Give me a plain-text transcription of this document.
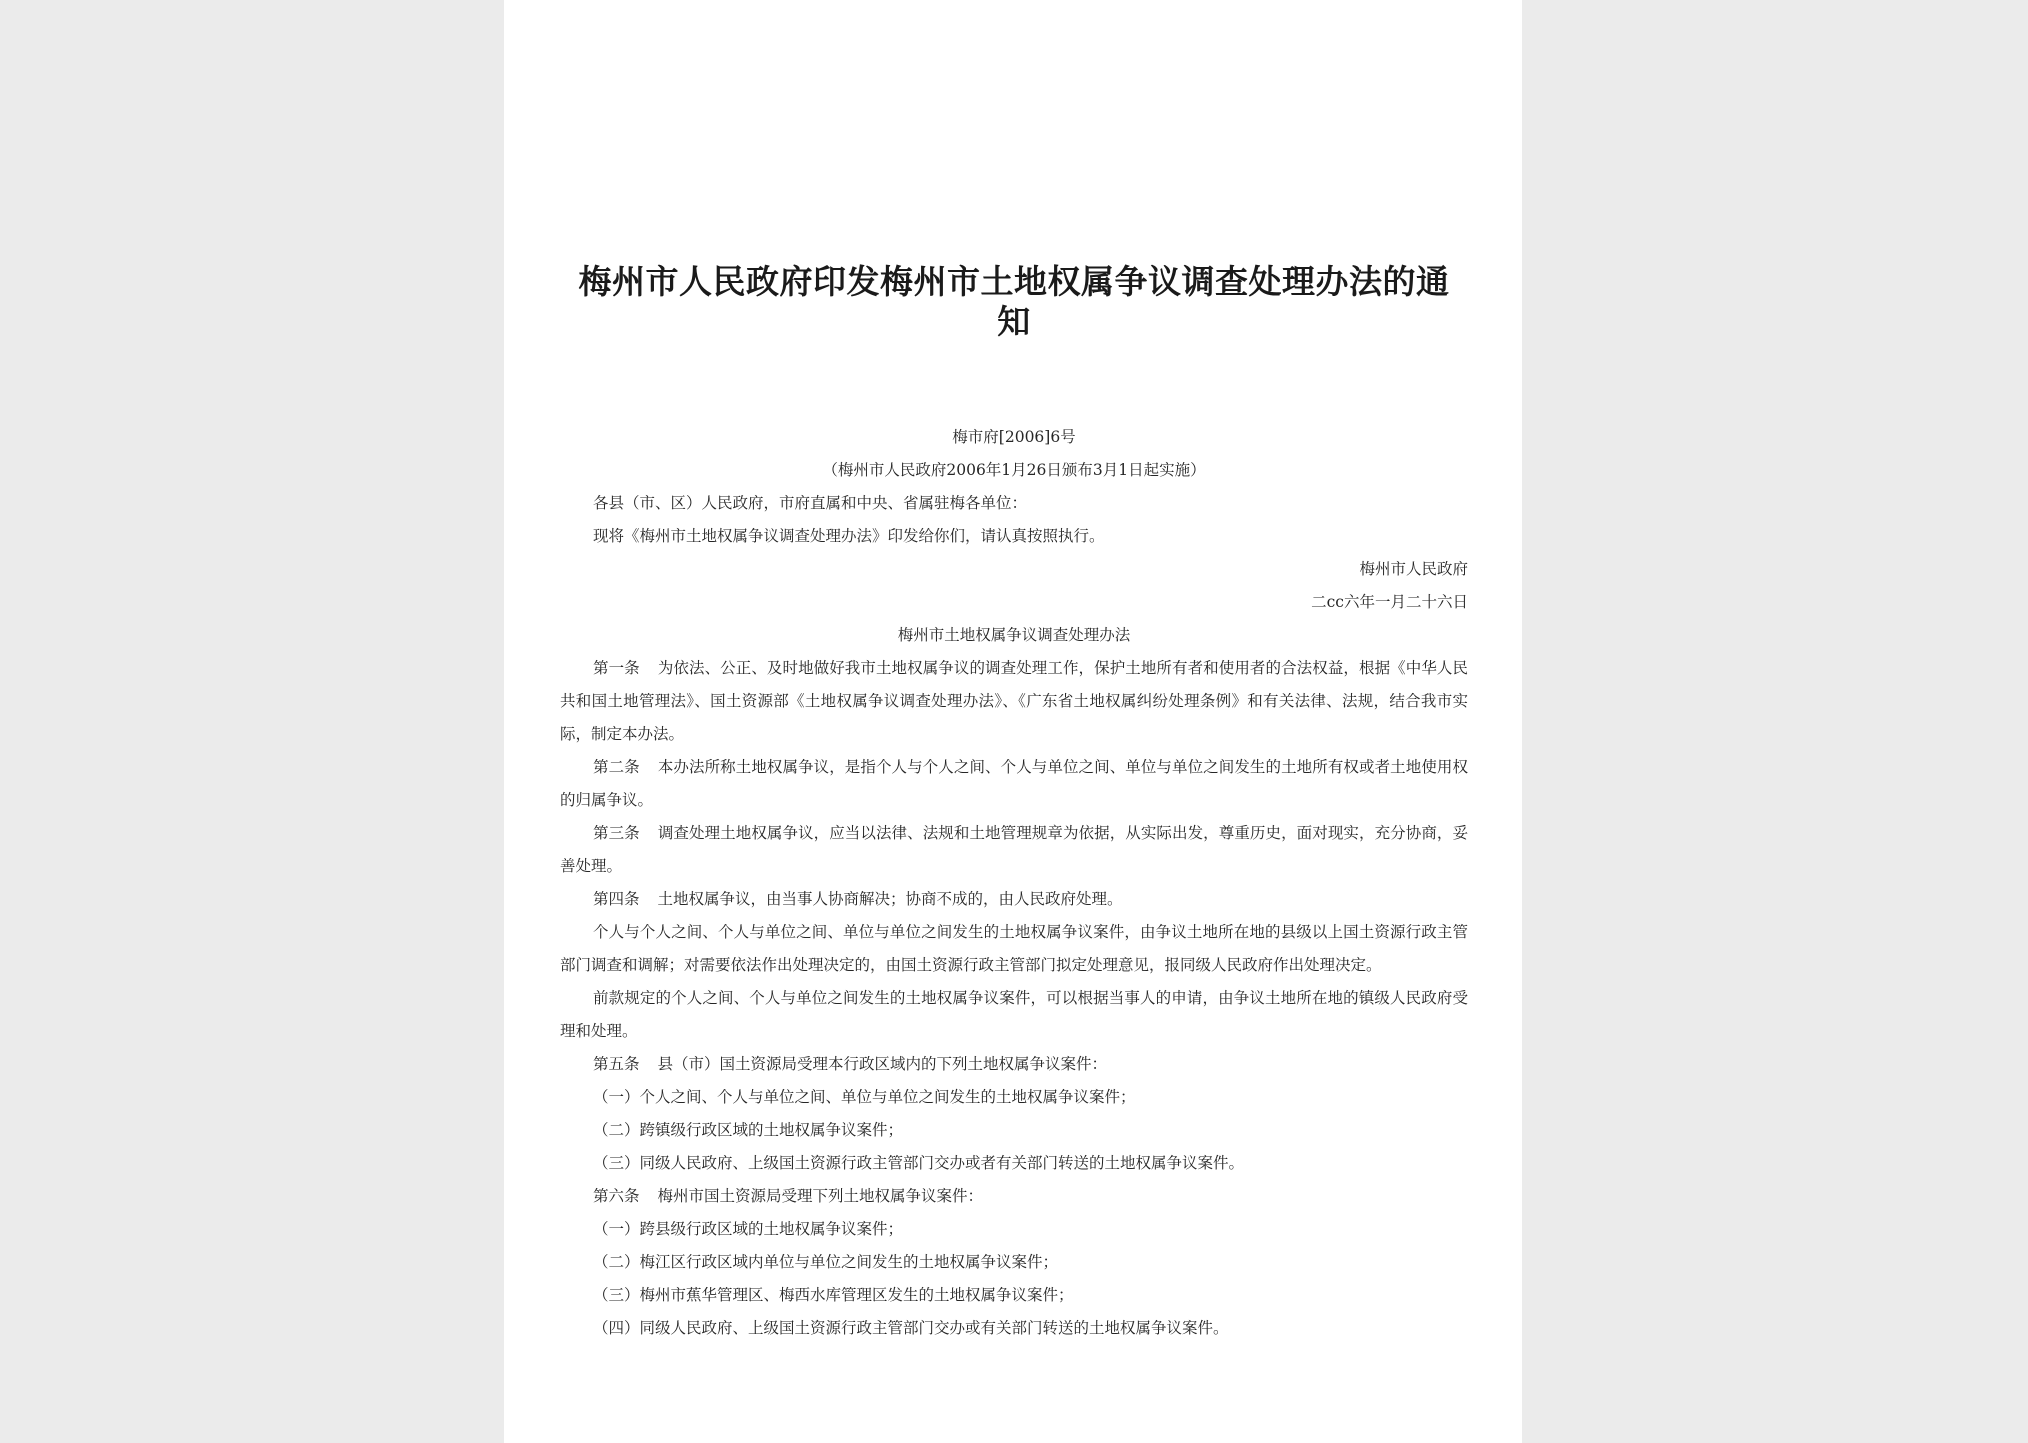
梅州市人民政府印发梅州市土地权属争议调查处理办法的通知

梅市府[2006]6号

（梅州市人民政府2006年1月26日颁布3月1日起实施）

各县（市、区）人民政府，市府直属和中央、省属驻梅各单位：

现将《梅州市土地权属争议调查处理办法》印发给你们，请认真按照执行。

梅州市人民政府

二cc六年一月二十六日

梅州市土地权属争议调查处理办法

第一条 为依法、公正、及时地做好我市土地权属争议的调查处理工作，保护土地所有者和使用者的合法权益，根据《中华人民共和国土地管理法》、国土资源部《土地权属争议调查处理办法》、《广东省土地权属纠纷处理条例》和有关法律、法规，结合我市实际，制定本办法。

第二条 本办法所称土地权属争议，是指个人与个人之间、个人与单位之间、单位与单位之间发生的土地所有权或者土地使用权的归属争议。

第三条 调查处理土地权属争议，应当以法律、法规和土地管理规章为依据，从实际出发，尊重历史，面对现实，充分协商，妥善处理。

第四条 土地权属争议，由当事人协商解决；协商不成的，由人民政府处理。

个人与个人之间、个人与单位之间、单位与单位之间发生的土地权属争议案件，由争议土地所在地的县级以上国土资源行政主管部门调查和调解；对需要依法作出处理决定的，由国土资源行政主管部门拟定处理意见，报同级人民政府作出处理决定。

前款规定的个人之间、个人与单位之间发生的土地权属争议案件，可以根据当事人的申请，由争议土地所在地的镇级人民政府受理和处理。

第五条 县（市）国土资源局受理本行政区域内的下列土地权属争议案件：

（一）个人之间、个人与单位之间、单位与单位之间发生的土地权属争议案件；

（二）跨镇级行政区域的土地权属争议案件；

（三）同级人民政府、上级国土资源行政主管部门交办或者有关部门转送的土地权属争议案件。

第六条 梅州市国土资源局受理下列土地权属争议案件：

（一）跨县级行政区域的土地权属争议案件；

（二）梅江区行政区域内单位与单位之间发生的土地权属争议案件；

（三）梅州市蕉华管理区、梅西水库管理区发生的土地权属争议案件；

（四）同级人民政府、上级国土资源行政主管部门交办或有关部门转送的土地权属争议案件。
